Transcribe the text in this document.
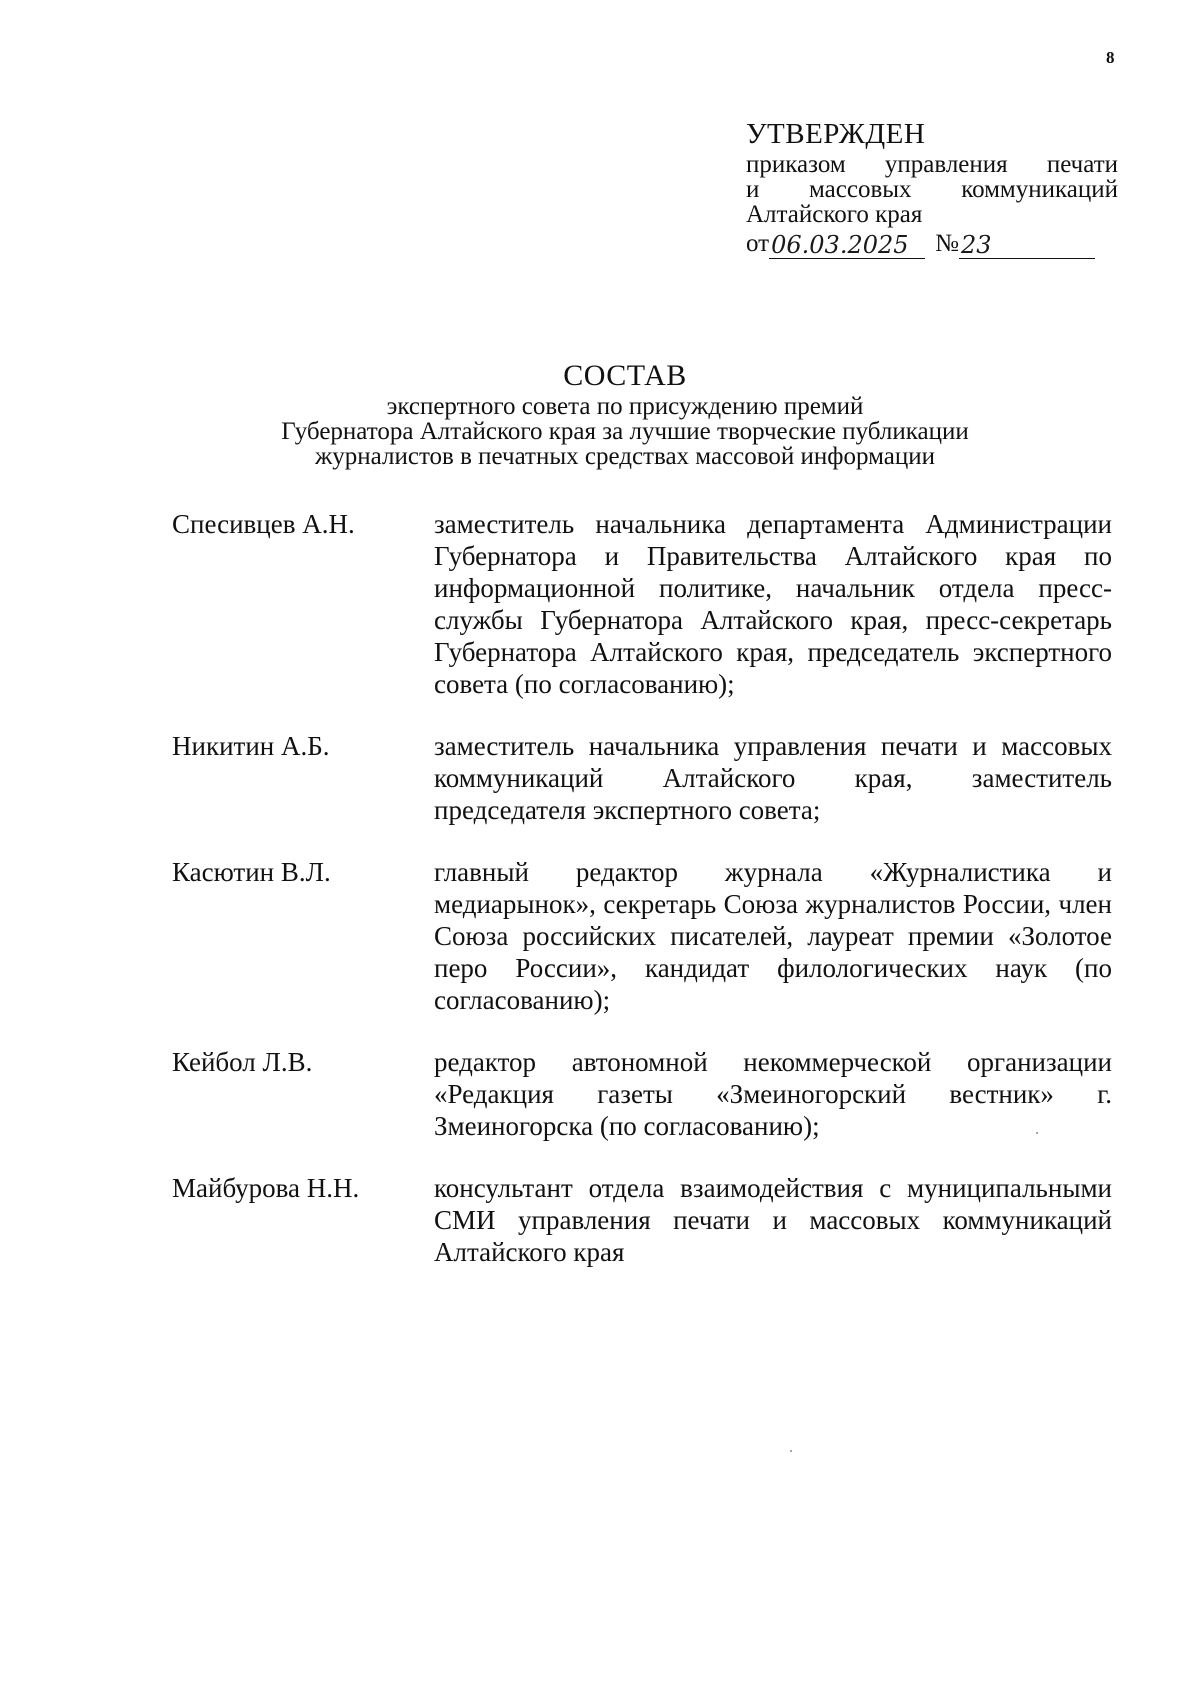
8
УТВЕРЖДЕН
приказом управления печати
и массовых коммуникаций
Алтайского края
от 06.03.2025	№ 23
СОСТАВ
экспертного совета по присуждению премий
Губернатора Алтайского края за лучшие творческие публикации
журналистов в печатных средствах массовой информации
Спесивцев А.Н.	заместитель начальника департамента Администрации Губернатора и Правительства Алтайского края по информационной политике, начальник отдела пресс-службы Губернатора Алтайского края, пресс-секретарь Губернатора Алтайского края, председатель экспертного совета (по согласованию);
Никитин А.Б.	заместитель начальника управления печати и массовых коммуникаций Алтайского края, заместитель председателя экспертного совета;
Касютин В.Л.	главный редактор журнала «Журналистика и медиарынок», секретарь Союза журналистов России, член Союза российских писателей, лауреат премии «Золотое перо России», кандидат филологических наук (по согласованию);
Кейбол Л.В.	редактор автономной некоммерческой организации «Редакция газеты «Змеиногорский вестник» г. Змеиногорска (по согласованию);
Майбурова Н.Н.	консультант отдела взаимодействия с муниципальными СМИ управления печати и массовых коммуникаций Алтайского края
